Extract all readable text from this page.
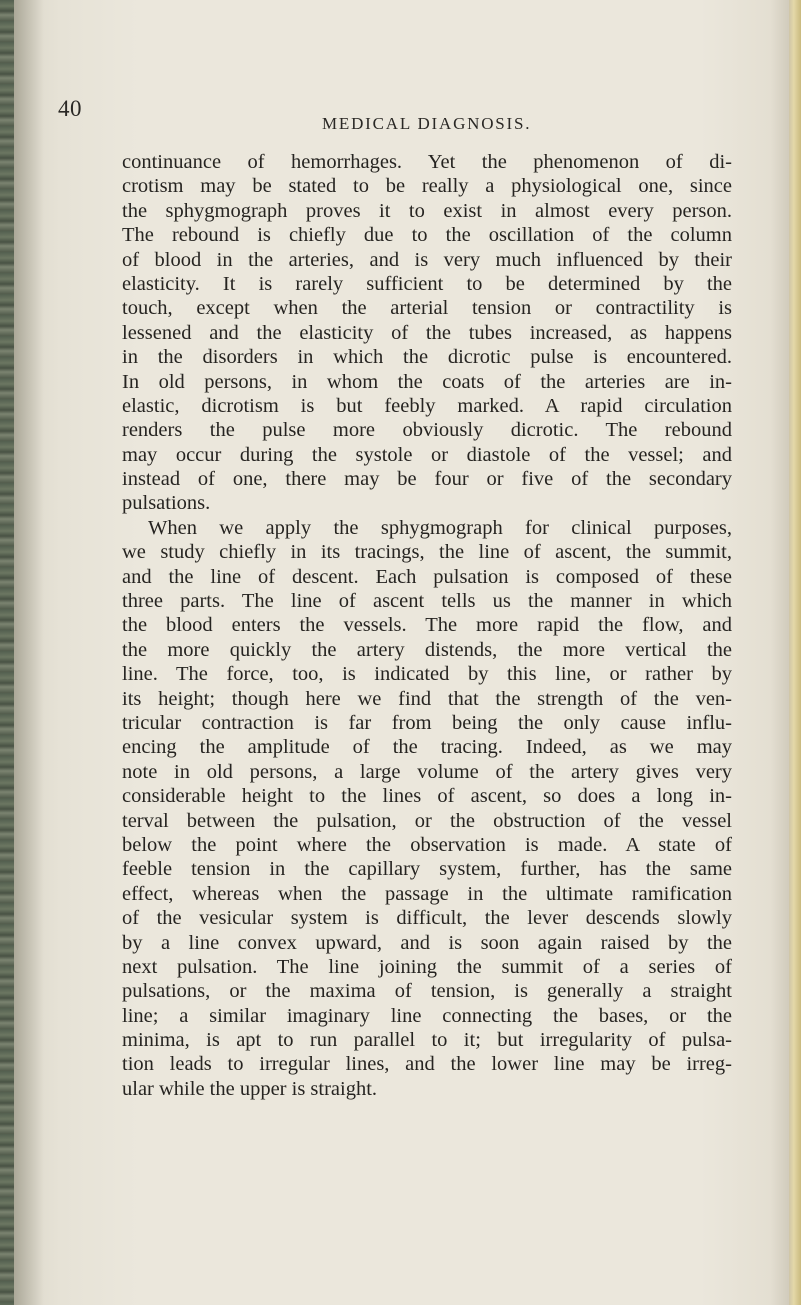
40
MEDICAL DIAGNOSIS.
continuance of hemorrhages. Yet the phenomenon of di-
crotism may be stated to be really a physiological one, since
the sphygmograph proves it to exist in almost every person.
The rebound is chiefly due to the oscillation of the column
of blood in the arteries, and is very much influenced by their
elasticity. It is rarely sufficient to be determined by the
touch, except when the arterial tension or contractility is
lessened and the elasticity of the tubes increased, as happens
in the disorders in which the dicrotic pulse is encountered.
In old persons, in whom the coats of the arteries are in-
elastic, dicrotism is but feebly marked. A rapid circulation
renders the pulse more obviously dicrotic. The rebound
may occur during the systole or diastole of the vessel; and
instead of one, there may be four or five of the secondary
pulsations.
When we apply the sphygmograph for clinical purposes,
we study chiefly in its tracings, the line of ascent, the summit,
and the line of descent. Each pulsation is composed of these
three parts. The line of ascent tells us the manner in which
the blood enters the vessels. The more rapid the flow, and
the more quickly the artery distends, the more vertical the
line. The force, too, is indicated by this line, or rather by
its height; though here we find that the strength of the ven-
tricular contraction is far from being the only cause influ-
encing the amplitude of the tracing. Indeed, as we may
note in old persons, a large volume of the artery gives very
considerable height to the lines of ascent, so does a long in-
terval between the pulsation, or the obstruction of the vessel
below the point where the observation is made. A state of
feeble tension in the capillary system, further, has the same
effect, whereas when the passage in the ultimate ramification
of the vesicular system is difficult, the lever descends slowly
by a line convex upward, and is soon again raised by the
next pulsation. The line joining the summit of a series of
pulsations, or the maxima of tension, is generally a straight
line; a similar imaginary line connecting the bases, or the
minima, is apt to run parallel to it; but irregularity of pulsa-
tion leads to irregular lines, and the lower line may be irreg-
ular while the upper is straight.
